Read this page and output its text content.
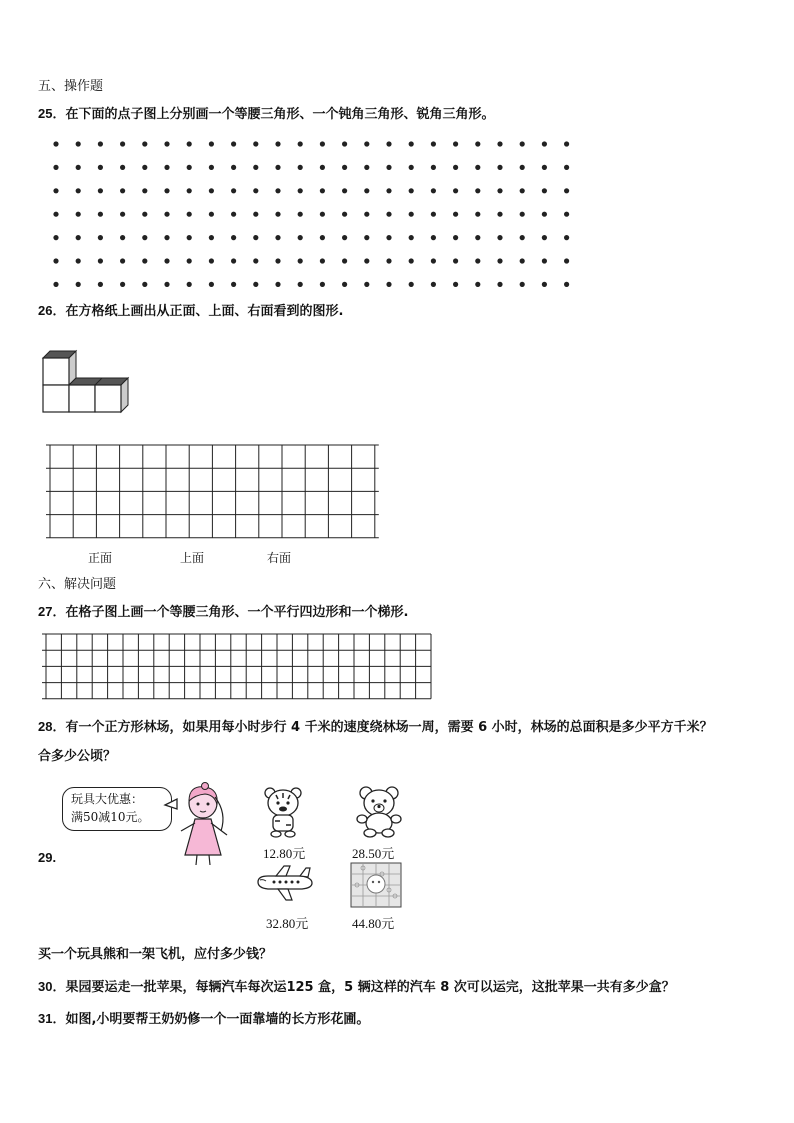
五、操作题
25．在下面的点子图上分别画一个等腰三角形、一个钝角三角形、锐角三角形。
26．在方格纸上画出从正面、上面、右面看到的图形.
正面	上面	右面
六、解决问题
27．在格子图上画一个等腰三角形、一个平行四边形和一个梯形.
28．有一个正方形林场，如果用每小时步行 4 千米的速度绕林场一周，需要 6 小时，林场的总面积是多少平方千米？
合多少公顷？
29.
玩具大优惠：
满50减10元。
12.80元	28.50元
32.80元	44.80元
买一个玩具熊和一架飞机，应付多少钱？
30．果园要运走一批苹果，每辆汽车每次运125 盒，5 辆这样的汽车 8 次可以运完，这批苹果一共有多少盒？
31．如图,小明要帮王奶奶修一个一面靠墙的长方形花圃。
